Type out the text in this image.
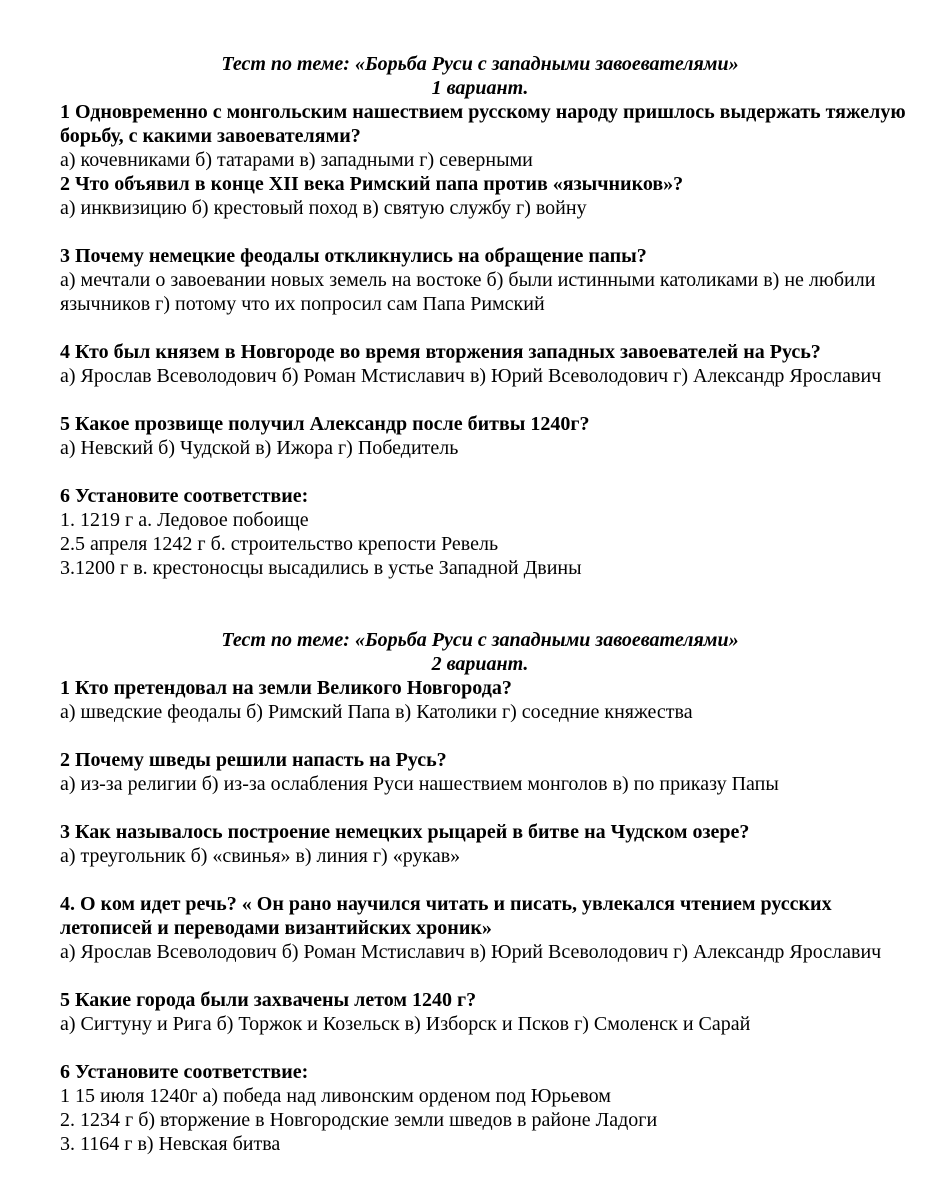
Тест по теме: «Борьба Руси с западными завоевателями»
1 вариант.

1 Одновременно с монгольским нашествием русскому народу пришлось выдержать тяжелую борьбу, с какими завоевателями?

а) кочевниками б) татарами в) западными г) северными

2 Что объявил в конце XII века Римский папа против «язычников»?

а) инквизицию б) крестовый поход в) святую службу г) войну

3 Почему немецкие феодалы откликнулись на обращение папы?

а) мечтали о завоевании новых земель на востоке б) были истинными католиками в) не любили язычников г) потому что их попросил сам Папа Римский

4 Кто был князем в Новгороде во время вторжения западных завоевателей на Русь?

а) Ярослав Всеволодович б) Роман Мстиславич в) Юрий Всеволодович г) Александр Ярославич

5 Какое прозвище получил Александр после битвы 1240г?

а) Невский б) Чудской в) Ижора г) Победитель

6 Установите соответствие:

1. 1219 г а. Ледовое побоище

2.5 апреля 1242 г б. строительство крепости Ревель

3.1200 г в. крестоносцы высадились в устье Западной Двины

Тест по теме: «Борьба Руси с западными завоевателями»
2 вариант.

1 Кто претендовал на земли Великого Новгорода?

а) шведские феодалы б) Римский Папа в) Католики г) соседние княжества

2 Почему шведы решили напасть на Русь?

а) из-за религии б) из-за ослабления Руси нашествием монголов в) по приказу Папы

3 Как называлось построение немецких рыцарей в битве на Чудском озере?

а) треугольник б) «свинья» в) линия г) «рукав»

4. О ком идет речь? « Он рано научился читать и писать, увлекался чтением русских летописей и переводами византийских хроник»

а) Ярослав Всеволодович б) Роман Мстиславич в) Юрий Всеволодович г) Александр Ярославич

5 Какие города были захвачены летом 1240 г?

а) Сигтуну и Рига б) Торжок и Козельск в) Изборск и Псков г) Смоленск и Сарай

6 Установите соответствие:

1 15 июля 1240г а) победа над ливонским орденом под Юрьевом

2. 1234 г б) вторжение в Новгородские земли шведов в районе Ладоги

3. 1164 г в) Невская битва
